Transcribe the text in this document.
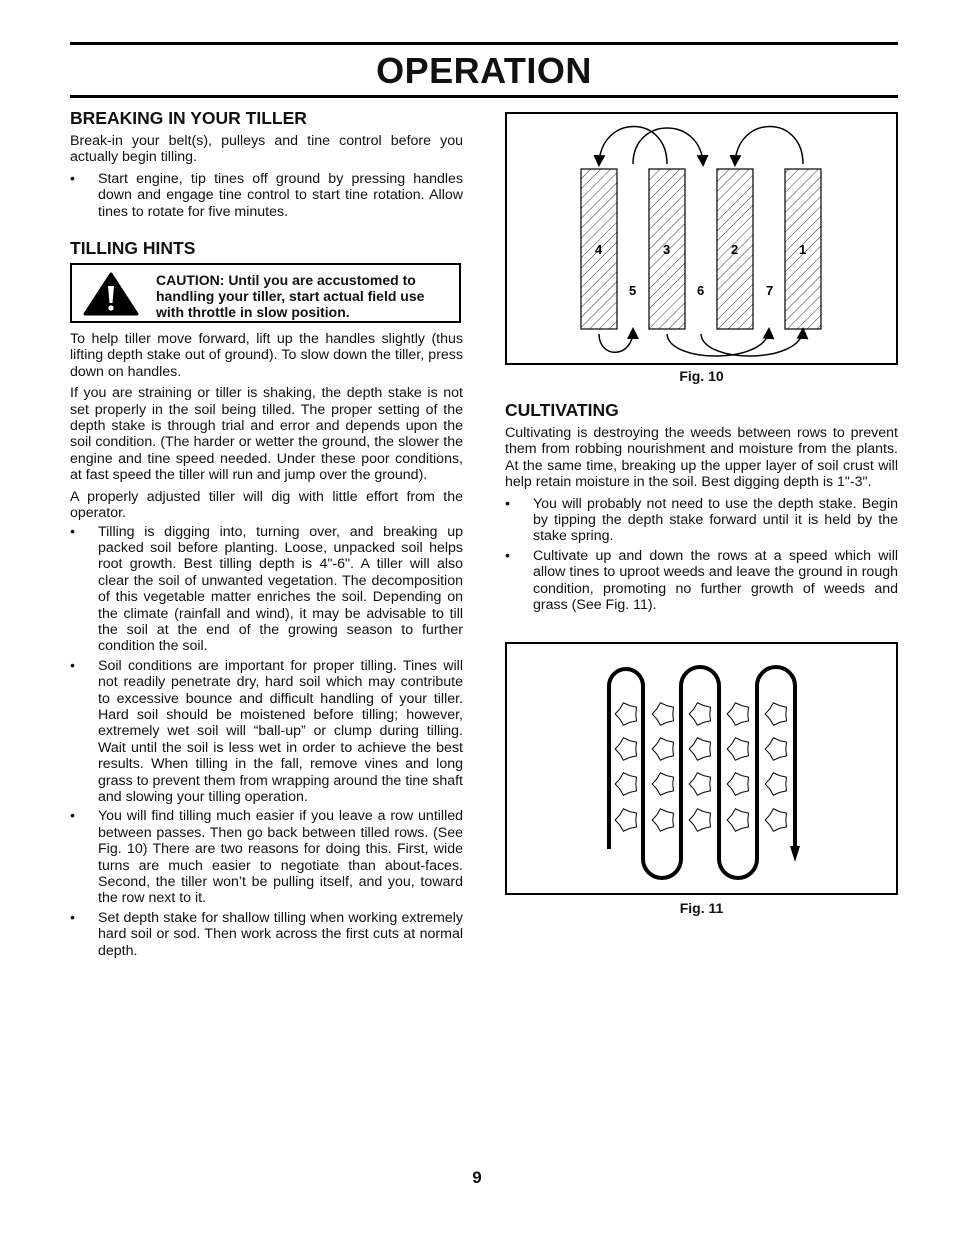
OPERATION
BREAKING IN YOUR TILLER

Break-in your belt(s), pulleys and tine control before you actually begin tilling.

• Start engine, tip tines off ground by pressing handles down and engage tine control to start tine rotation. Allow tines to rotate for five minutes.
TILLING HINTS
CAUTION: Until you are accustomed to handling your tiller, start actual field use with throttle in slow position.

To help tiller move forward, lift up the handles slightly (thus lifting depth stake out of ground). To slow down the tiller, press down on handles.

If you are straining or tiller is shaking, the depth stake is not set properly in the soil being tilled. The proper setting of the depth stake is through trial and error and depends upon the soil condition. (The harder or wetter the ground, the slower the engine and tine speed needed. Under these poor conditions, at fast speed the tiller will run and jump over the ground).

A properly adjusted tiller will dig with little effort from the operator.

• Tilling is digging into, turning over, and breaking up packed soil before planting. Loose, unpacked soil helps root growth. Best tilling depth is 4"-6". A tiller will also clear the soil of unwanted vegetation. The decomposition of this vegetable matter enriches the soil. Depending on the climate (rainfall and wind), it may be advisable to till the soil at the end of the growing season to further condition the soil.
• Soil conditions are important for proper tilling. Tines will not readily penetrate dry, hard soil which may contribute to excessive bounce and difficult handling of your tiller. Hard soil should be moistened before tilling; however, extremely wet soil will “ball-up” or clump during tilling. Wait until the soil is less wet in order to achieve the best results. When tilling in the fall, remove vines and long grass to prevent them from wrapping around the tine shaft and slowing your tilling operation.
• You will find tilling much easier if you leave a row untilled between passes. Then go back between tilled rows. (See Fig. 10) There are two reasons for doing this. First, wide turns are much easier to negotiate than about-faces. Second, the tiller won’t be pulling itself, and you, toward the row next to it.
• Set depth stake for shallow tilling when working extremely hard soil or sod. Then work across the first cuts at normal depth.
4	3	2	1
5	6	7
Fig. 10
CULTIVATING

Cultivating is destroying the weeds between rows to prevent them from robbing nourishment and moisture from the plants. At the same time, breaking up the upper layer of soil crust will help retain moisture in the soil. Best digging depth is 1"-3".

• You will probably not need to use the depth stake. Begin by tipping the depth stake forward until it is held by the stake spring.
• Cultivate up and down the rows at a speed which will allow tines to uproot weeds and leave the ground in rough condition, promoting no further growth of weeds and grass (See Fig. 11).
Fig. 11
9
